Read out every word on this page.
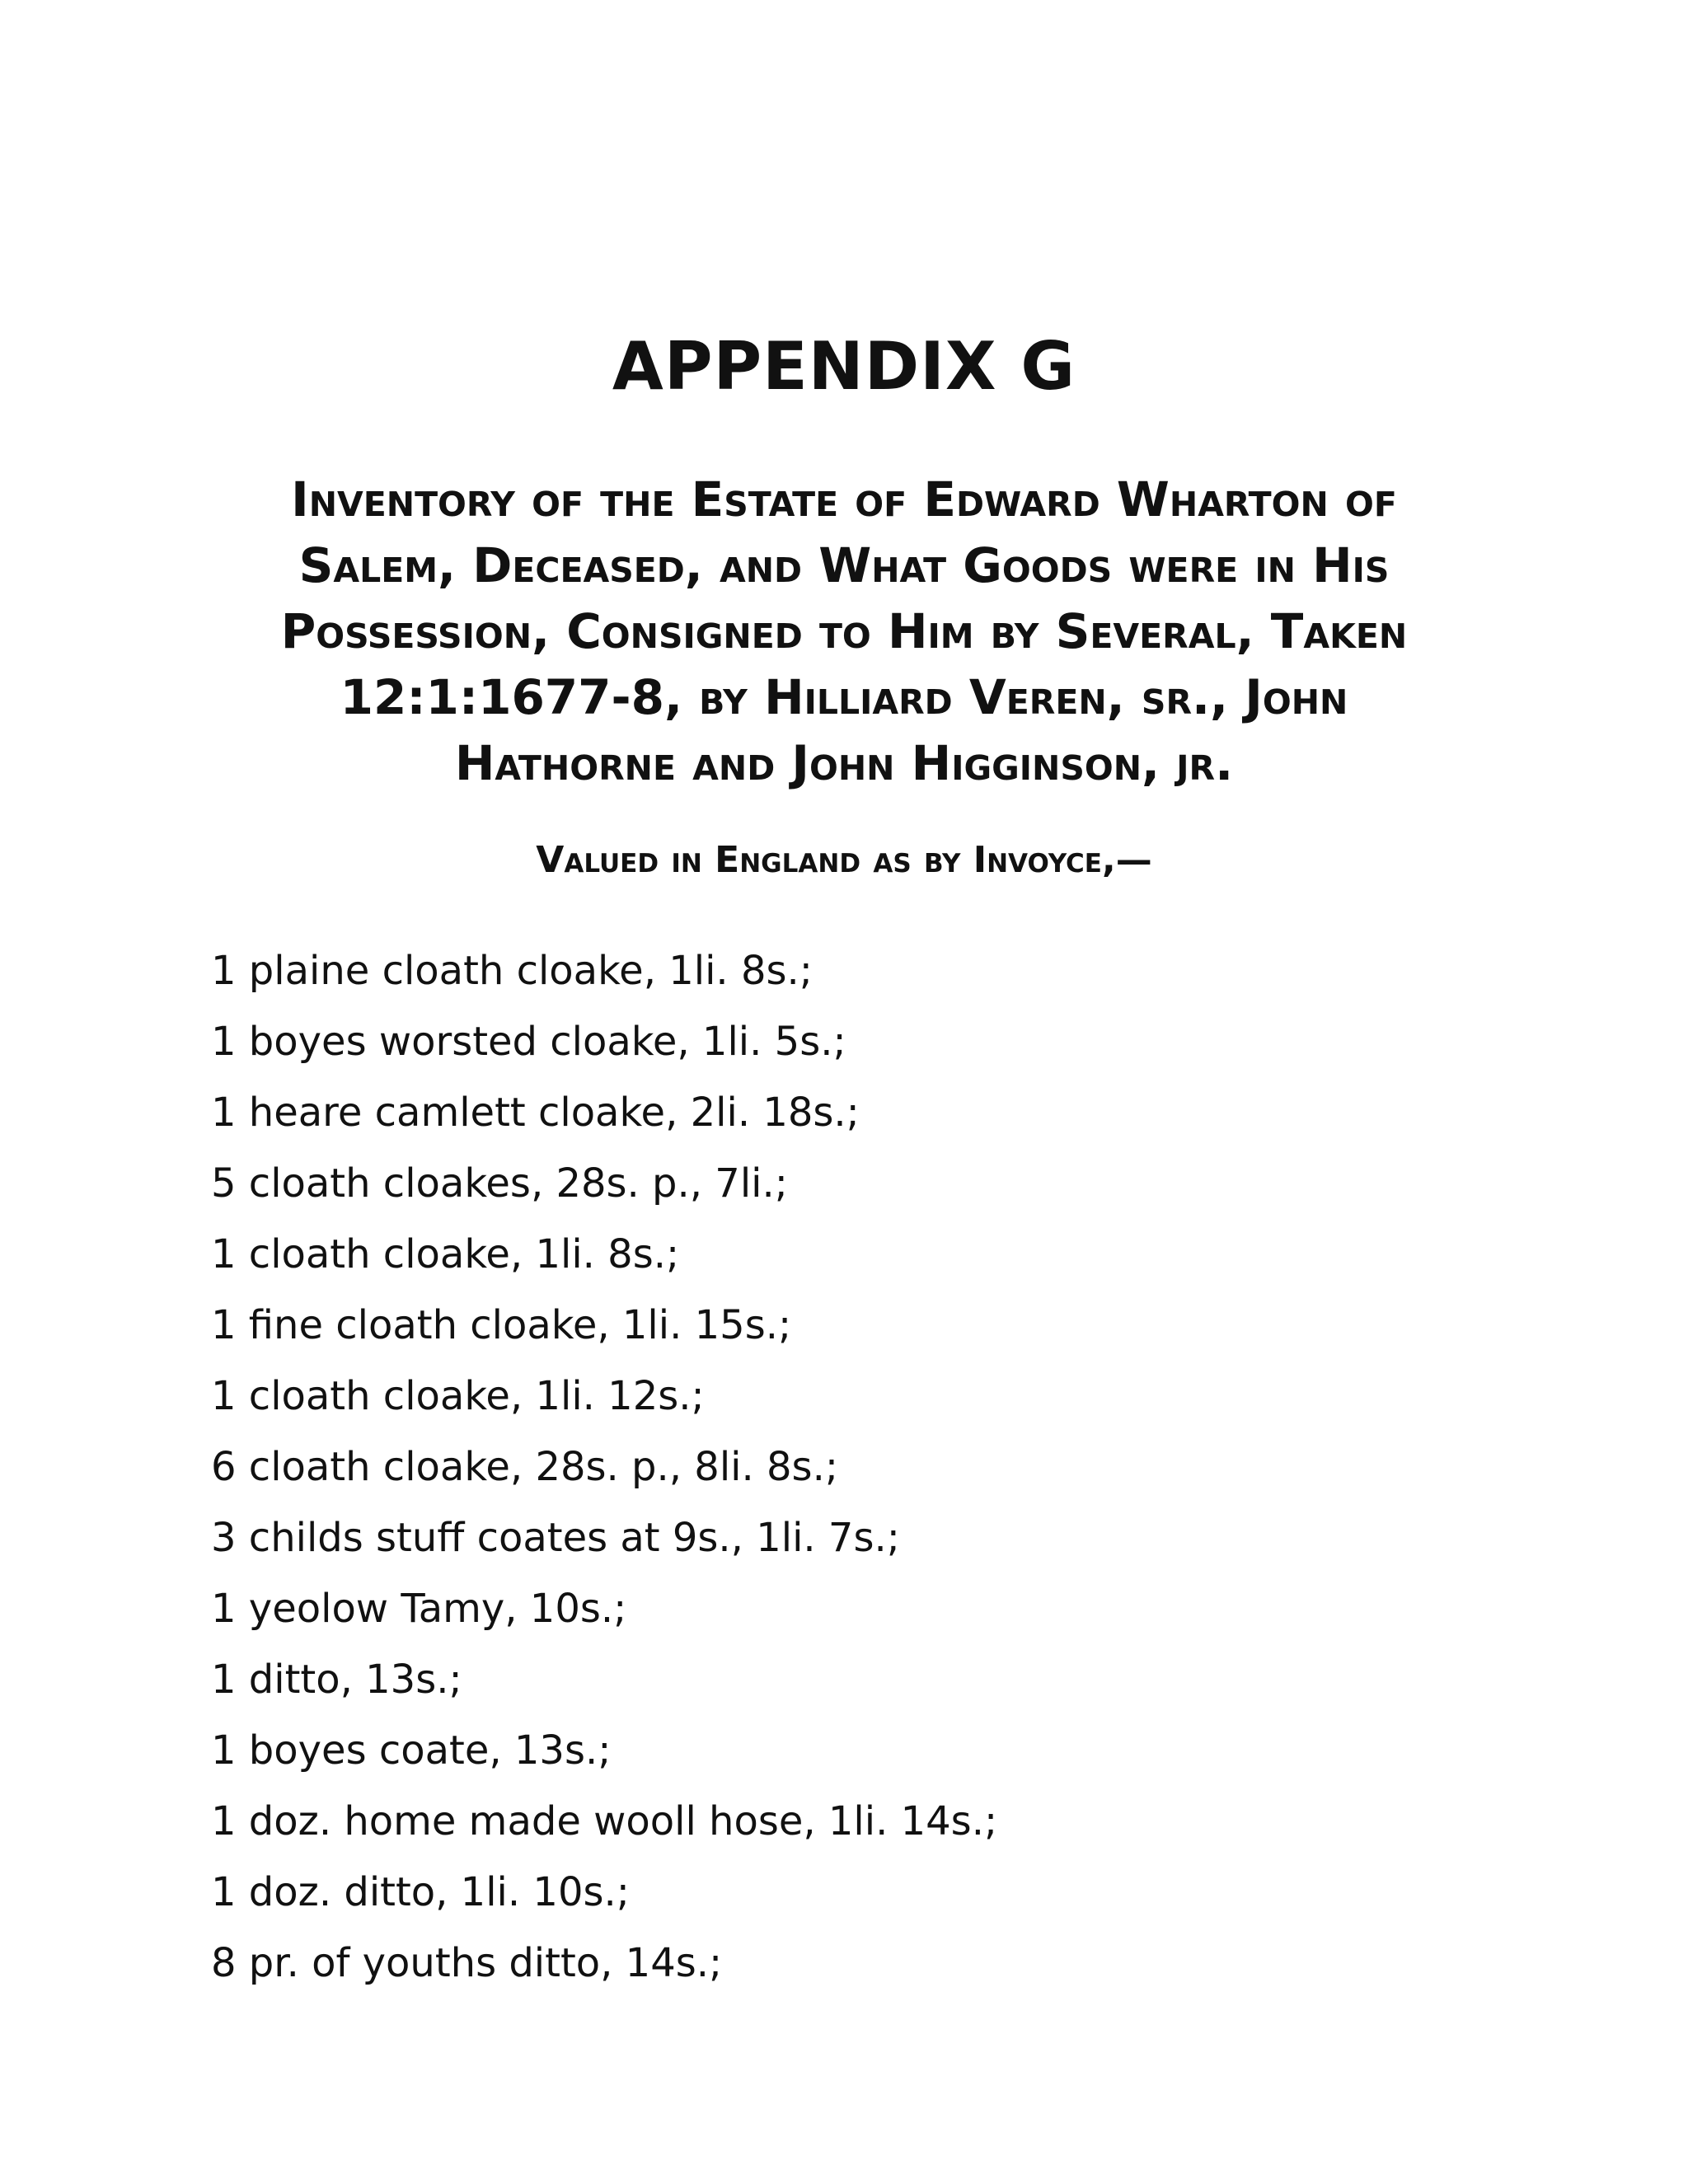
APPENDIX G
Inventory of the Estate of Edward Wharton of Salem, Deceased, and What Goods were in His Possession, Consigned to Him by Several, Taken 12:1:1677-8, by Hilliard Veren, sr., John Hathorne and John Higginson, jr.
Valued in England as by Invoyce,—
1 plaine cloath cloake, 1li. 8s.;
1 boyes worsted cloake, 1li. 5s.;
1 heare camlett cloake, 2li. 18s.;
5 cloath cloakes, 28s. p., 7li.;
1 cloath cloake, 1li. 8s.;
1 fine cloath cloake, 1li. 15s.;
1 cloath cloake, 1li. 12s.;
6 cloath cloake, 28s. p., 8li. 8s.;
3 childs stuff coates at 9s., 1li. 7s.;
1 yeolow Tamy, 10s.;
1 ditto, 13s.;
1 boyes coate, 13s.;
1 doz. home made wooll hose, 1li. 14s.;
1 doz. ditto, 1li. 10s.;
8 pr. of youths ditto, 14s.;
